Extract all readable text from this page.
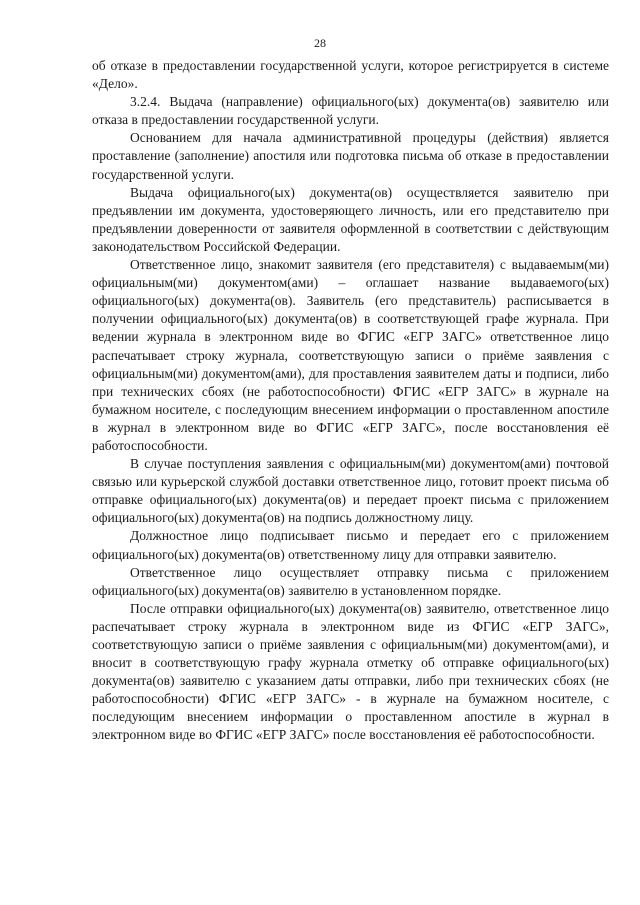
28

об отказе в предоставлении государственной услуги, которое регистрируется в системе «Дело».

3.2.4. Выдача (направление) официального(ых) документа(ов) заявителю или отказа в предоставлении государственной услуги.

Основанием для начала административной процедуры (действия) является проставление (заполнение) апостиля или подготовка письма об отказе в предоставлении государственной услуги.

Выдача официального(ых) документа(ов) осуществляется заявителю при предъявлении им документа, удостоверяющего личность, или его представителю при предъявлении доверенности от заявителя оформленной в соответствии с действующим законодательством Российской Федерации.

Ответственное лицо, знакомит заявителя (его представителя) с выдаваемым(ми) официальным(ми) документом(ами) – оглашает название выдаваемого(ых) официального(ых) документа(ов). Заявитель (его представитель) расписывается в получении официального(ых) документа(ов) в соответствующей графе журнала. При ведении журнала в электронном виде во ФГИС «ЕГР ЗАГС» ответственное лицо распечатывает строку журнала, соответствующую записи о приёме заявления с официальным(ми) документом(ами), для проставления заявителем даты и подписи, либо при технических сбоях (не работоспособности) ФГИС «ЕГР ЗАГС» в журнале на бумажном носителе, с последующим внесением информации о проставленном апостиле в журнал в электронном виде во ФГИС «ЕГР ЗАГС», после восстановления её работоспособности.

В случае поступления заявления с официальным(ми) документом(ами) почтовой связью или курьерской службой доставки ответственное лицо, готовит проект письма об отправке официального(ых) документа(ов) и передает проект письма с приложением официального(ых) документа(ов) на подпись должностному лицу.

Должностное лицо подписывает письмо и передает его с приложением официального(ых) документа(ов) ответственному лицу для отправки заявителю.

Ответственное лицо осуществляет отправку письма с приложением официального(ых) документа(ов) заявителю в установленном порядке.

После отправки официального(ых) документа(ов) заявителю, ответственное лицо распечатывает строку журнала в электронном виде из ФГИС «ЕГР ЗАГС», соответствующую записи о приёме заявления с официальным(ми) документом(ами), и вносит в соответствующую графу журнала отметку об отправке официального(ых) документа(ов) заявителю с указанием даты отправки, либо при технических сбоях (не работоспособности) ФГИС «ЕГР ЗАГС» - в журнале на бумажном носителе, с последующим внесением информации о проставленном апостиле в журнал в электронном виде во ФГИС «ЕГР ЗАГС» после восстановления её работоспособности.
